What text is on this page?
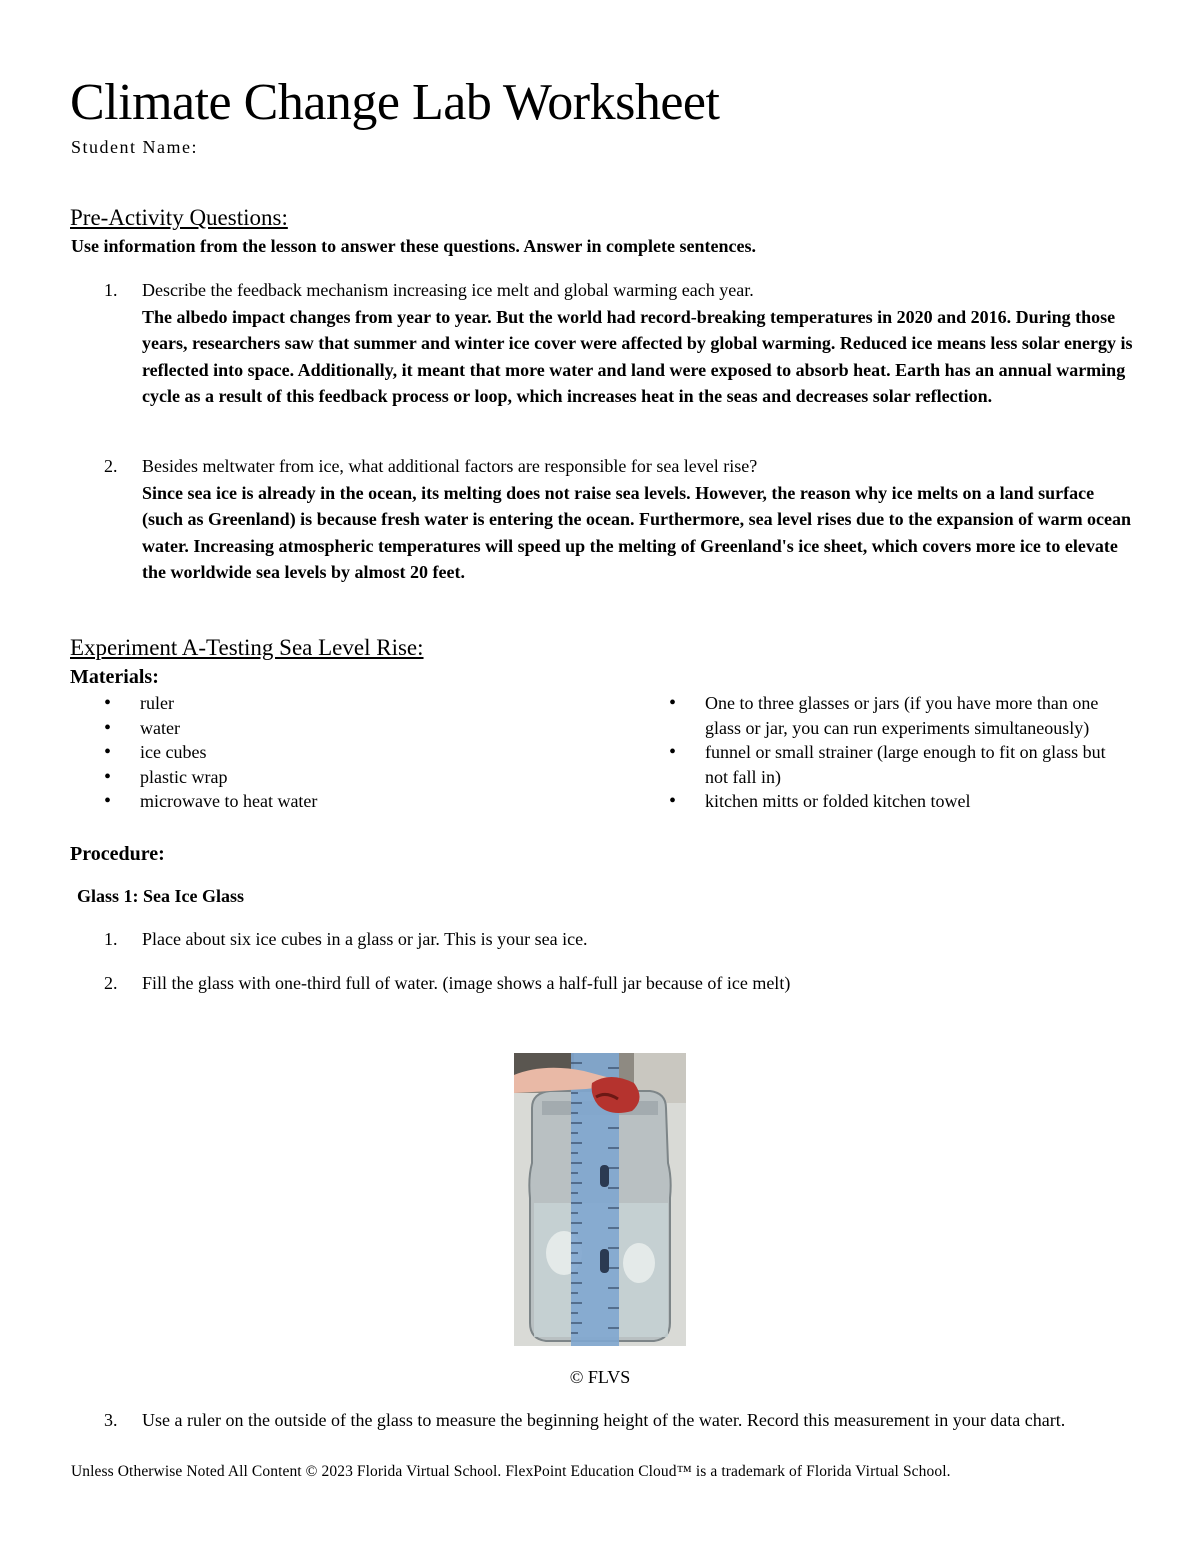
Climate Change Lab Worksheet
Student Name:
Pre-Activity Questions:
Use information from the lesson to answer these questions. Answer in complete sentences.
1. Describe the feedback mechanism increasing ice melt and global warming each year.
The albedo impact changes from year to year. But the world had record-breaking temperatures in 2020 and 2016. During those years, researchers saw that summer and winter ice cover were affected by global warming. Reduced ice means less solar energy is reflected into space. Additionally, it meant that more water and land were exposed to absorb heat. Earth has an annual warming cycle as a result of this feedback process or loop, which increases heat in the seas and decreases solar reflection.
2. Besides meltwater from ice, what additional factors are responsible for sea level rise?
Since sea ice is already in the ocean, its melting does not raise sea levels. However, the reason why ice melts on a land surface (such as Greenland) is because fresh water is entering the ocean. Furthermore, sea level rises due to the expansion of warm ocean water. Increasing atmospheric temperatures will speed up the melting of Greenland's ice sheet, which covers more ice to elevate the worldwide sea levels by almost 20 feet.
Experiment A-Testing Sea Level Rise:
Materials:
• ruler
• water
• ice cubes
• plastic wrap
• microwave to heat water
• One to three glasses or jars (if you have more than one glass or jar, you can run experiments simultaneously)
• funnel or small strainer (large enough to fit on glass but not fall in)
• kitchen mitts or folded kitchen towel
Procedure:
Glass 1: Sea Ice Glass
1. Place about six ice cubes in a glass or jar. This is your sea ice.
2. Fill the glass with one-third full of water. (image shows a half-full jar because of ice melt)
© FLVS
3. Use a ruler on the outside of the glass to measure the beginning height of the water. Record this measurement in your data chart.
Unless Otherwise Noted All Content © 2023 Florida Virtual School. FlexPoint Education Cloud™ is a trademark of Florida Virtual School.
